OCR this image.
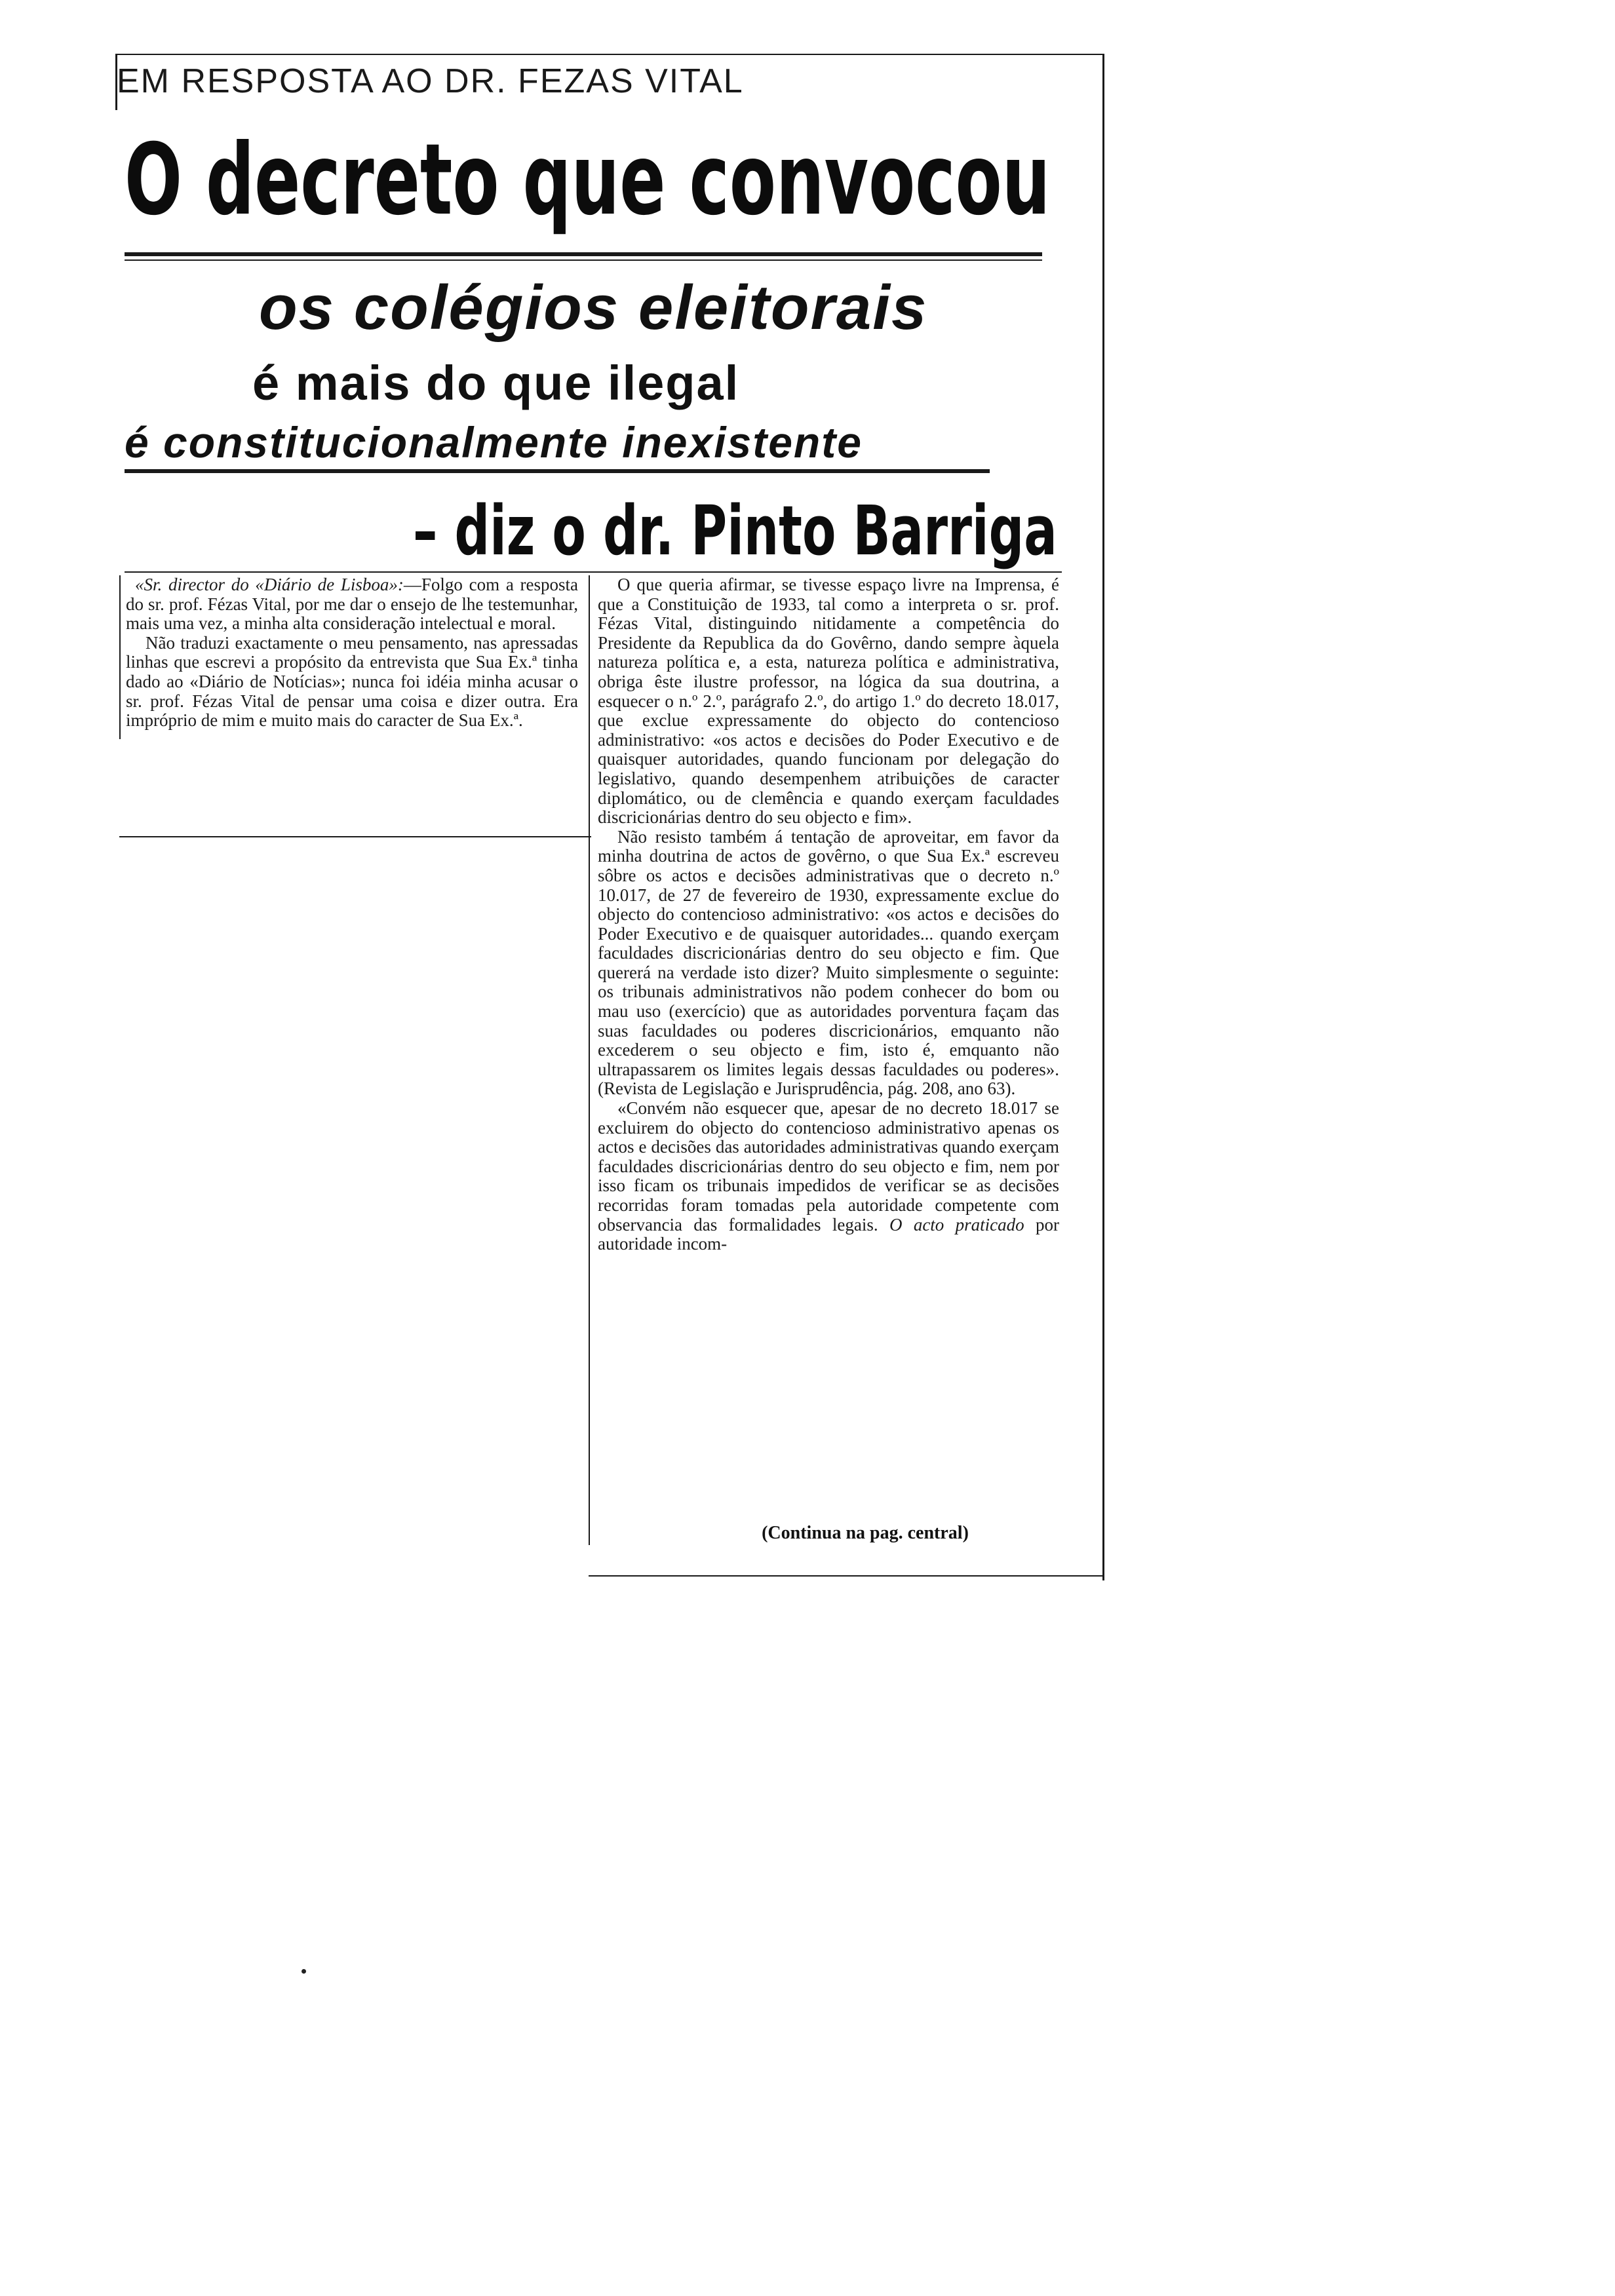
EM RESPOSTA AO DR. FEZAS VITAL
O decreto que convocou
os colégios eleitorais
é mais do que ilegal
é constitucionalmente inexistente
– diz o dr. Pinto Barriga

«Sr. director do «Diário de Lisboa»:—Folgo com a resposta do sr. prof. Fézas Vital, por me dar o ensejo de lhe testemunhar, mais uma vez, a minha alta consideração intelectual e moral.

Não traduzi exactamente o meu pensamento, nas apressadas linhas que escrevi a propósito da entrevista que Sua Ex.ª tinha dado ao «Diário de Notícias»; nunca foi idéia minha acusar o sr. prof. Fézas Vital de pensar uma coisa e dizer outra. Era impróprio de mim e muito mais do caracter de Sua Ex.ª.

O que queria afirmar, se tivesse espaço livre na Imprensa, é que a Constituição de 1933, tal como a interpreta o sr. prof. Fézas Vital, distinguindo nitidamente a competência do Presidente da Republica da do Govêrno, dando sempre àquela natureza política e, a esta, natureza política e administrativa, obriga êste ilustre professor, na lógica da sua doutrina, a esquecer o n.º 2.º, parágrafo 2.º, do artigo 1.º do decreto 18.017, que exclue expressamente do objecto do contencioso administrativo: «os actos e decisões do Poder Executivo e de quaisquer autoridades, quando funcionam por delegação do legislativo, quando desempenhem atribuições de caracter diplomático, ou de clemência e quando exerçam faculdades discricionárias dentro do seu objecto e fim».

Não resisto também á tentação de aproveitar, em favor da minha doutrina de actos de govêrno, o que Sua Ex.ª escreveu sôbre os actos e decisões administrativas que o decreto n.º 10.017, de 27 de fevereiro de 1930, expressamente exclue do objecto do contencioso administrativo: «os actos e decisões do Poder Executivo e de quaisquer autoridades... quando exerçam faculdades discricionárias dentro do seu objecto e fim. Que quererá na verdade isto dizer? Muito simplesmente o seguinte: os tribunais administrativos não podem conhecer do bom ou mau uso (exercício) que as autoridades porventura façam das suas faculdades ou poderes discricionários, emquanto não excederem o seu objecto e fim, isto é, emquanto não ultrapassarem os limites legais dessas faculdades ou poderes». (Revista de Legislação e Jurisprudência, pág. 208, ano 63).

«Convém não esquecer que, apesar de no decreto 18.017 se excluirem do objecto do contencioso administrativo apenas os actos e decisões das autoridades administrativas quando exerçam faculdades discricionárias dentro do seu objecto e fim, nem por isso ficam os tribunais impedidos de verificar se as decisões recorridas foram tomadas pela autoridade competente com observancia das formalidades legais. O acto praticado por autoridade incom-

(Continua na pag. central)
